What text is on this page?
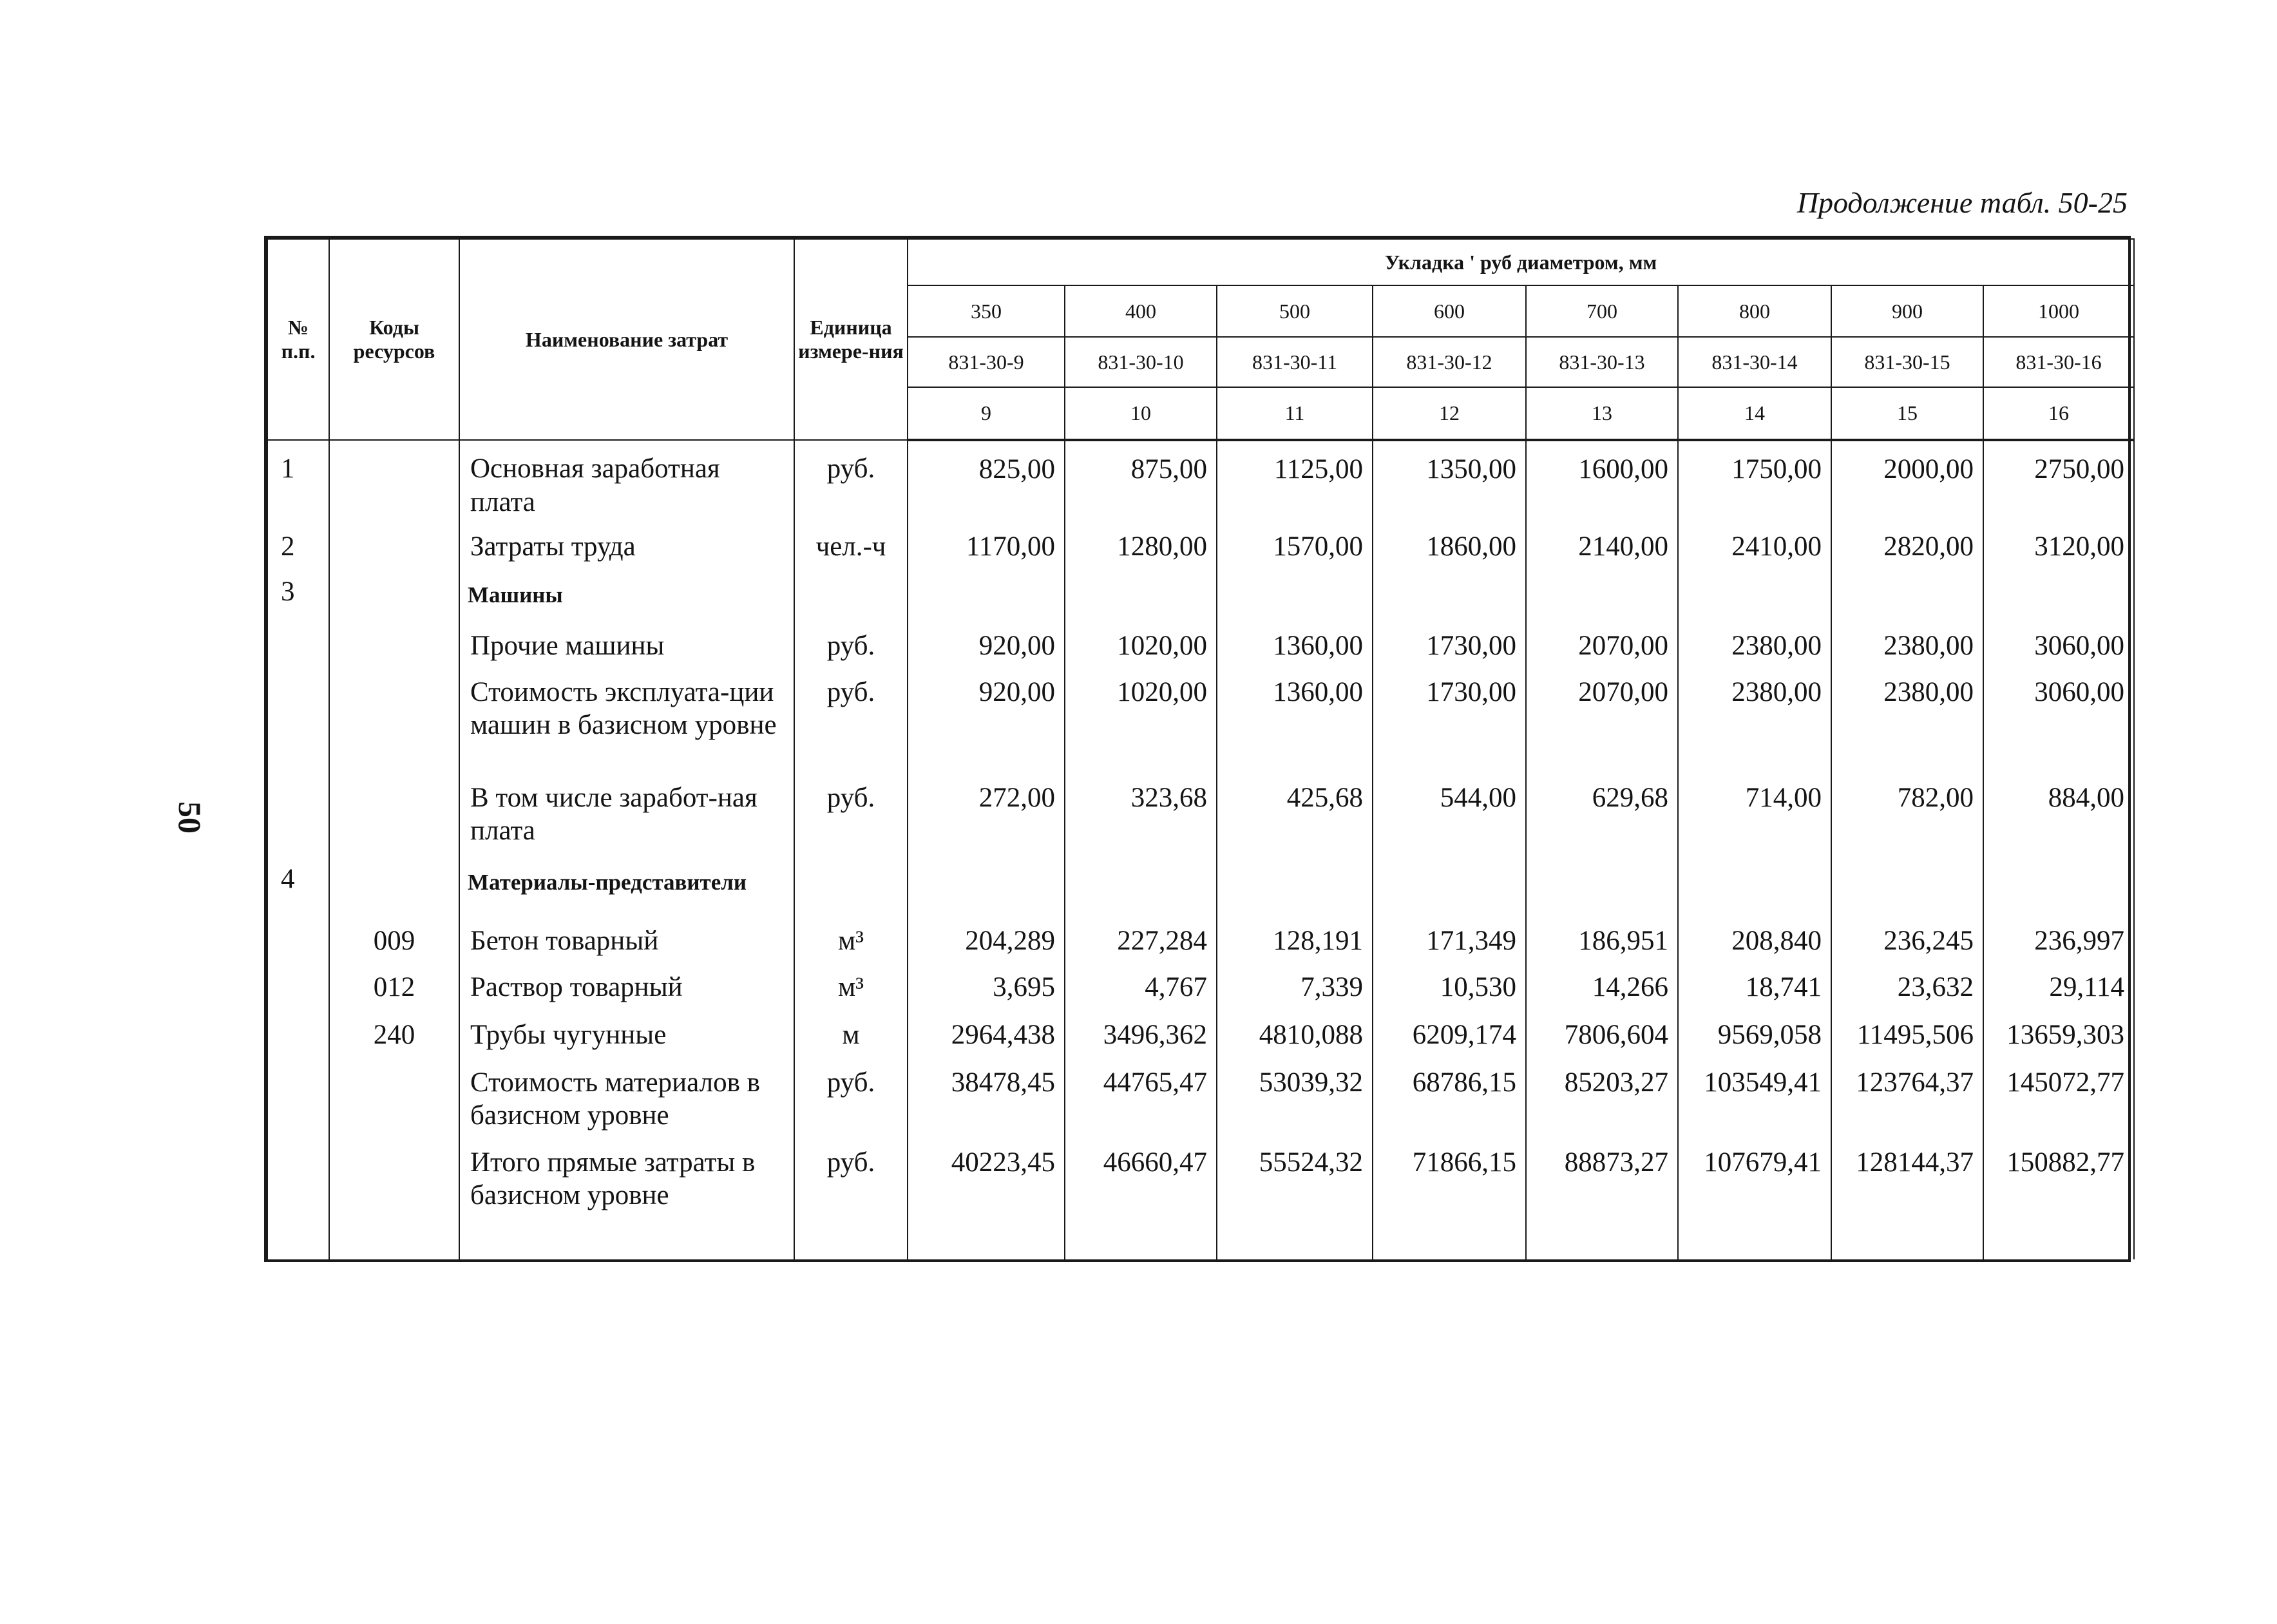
Продолжение табл. 50-25
50
№ п.п.	Коды ресурсов	Наименование затрат	Единица измере-ния	Укладка ' руб диаметром, мм							
				350	400	500	600	700	800	900	1000
				831-30-9	831-30-10	831-30-11	831-30-12	831-30-13	831-30-14	831-30-15	831-30-16
				9	10	11	12	13	14	15	16
1		Основная заработная плата	руб.	825,00	875,00	1125,00	1350,00	1600,00	1750,00	2000,00	2750,00
2		Затраты труда	чел.-ч	1170,00	1280,00	1570,00	1860,00	2140,00	2410,00	2820,00	3120,00
3		Машины									
		Прочие машины	руб.	920,00	1020,00	1360,00	1730,00	2070,00	2380,00	2380,00	3060,00
		Стоимость эксплуата-ции машин в базисном уровне	руб.	920,00	1020,00	1360,00	1730,00	2070,00	2380,00	2380,00	3060,00
		В том числе заработ-ная плата	руб.	272,00	323,68	425,68	544,00	629,68	714,00	782,00	884,00
4		Материалы-представители									
	009	Бетон товарный	м³	204,289	227,284	128,191	171,349	186,951	208,840	236,245	236,997
	012	Раствор товарный	м³	3,695	4,767	7,339	10,530	14,266	18,741	23,632	29,114
	240	Трубы чугунные	м	2964,438	3496,362	4810,088	6209,174	7806,604	9569,058	11495,506	13659,303
		Стоимость материалов в базисном уровне	руб.	38478,45	44765,47	53039,32	68786,15	85203,27	103549,41	123764,37	145072,77
		Итого прямые затраты в базисном уровне	руб.	40223,45	46660,47	55524,32	71866,15	88873,27	107679,41	128144,37	150882,77
